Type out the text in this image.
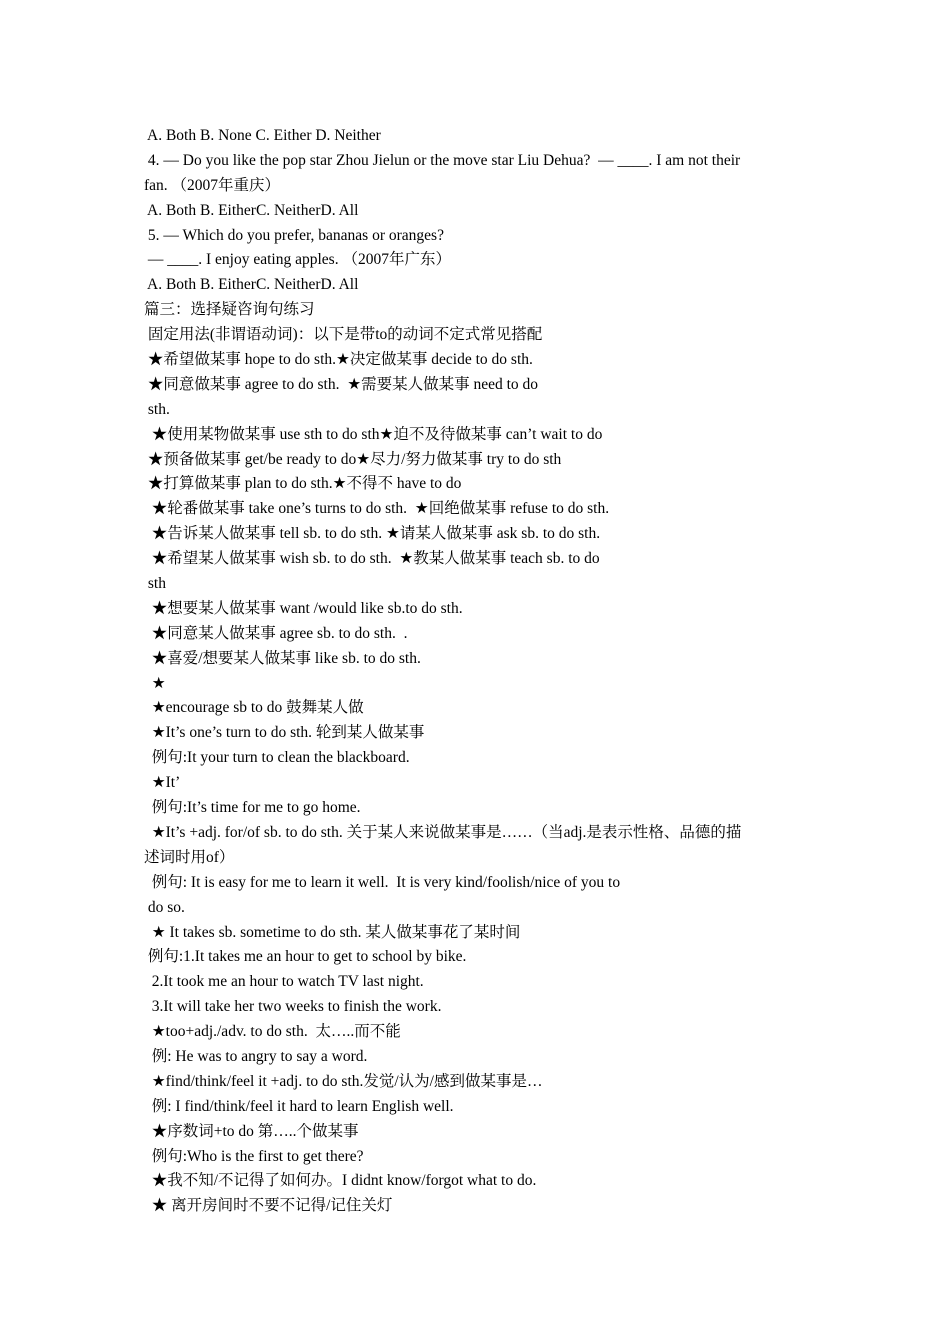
A. Both B. None C. Either D. Neither
4. — Do you like the pop star Zhou Jielun or the move star Liu Dehua?  — ____. I am not their
fan. （2007年重庆）
A. Both B. EitherC. NeitherD. All
5. — Which do you prefer, bananas or oranges?
— ____. I enjoy eating apples. （2007年广东）
A. Both B. EitherC. NeitherD. All
篇三：选择疑咨询句练习
固定用法(非谓语动词)：以下是带to的动词不定式常见搭配
★希望做某事 hope to do sth.★决定做某事 decide to do sth.
★同意做某事 agree to do sth.  ★需要某人做某事 need to do
sth.
★使用某物做某事 use sth to do sth★迫不及待做某事 can’t wait to do
★预备做某事 get/be ready to do★尽力/努力做某事 try to do sth
★打算做某事 plan to do sth.★不得不 have to do
★轮番做某事 take one’s turns to do sth.  ★回绝做某事 refuse to do sth.
★告诉某人做某事 tell sb. to do sth. ★请某人做某事 ask sb. to do sth.
★希望某人做某事 wish sb. to do sth.  ★教某人做某事 teach sb. to do
sth
★想要某人做某事 want /would like sb.to do sth.
★同意某人做某事 agree sb. to do sth.  .
★喜爱/想要某人做某事 like sb. to do sth.
★
★encourage sb to do 鼓舞某人做
★It’s one’s turn to do sth. 轮到某人做某事
例句:It your turn to clean the blackboard.
★It’
例句:It’s time for me to go home.
★It’s +adj. for/of sb. to do sth. 关于某人来说做某事是……（当adj.是表示性格、品德的描
述词时用of）
例句: It is easy for me to learn it well.  It is very kind/foolish/nice of you to
do so.
★ It takes sb. sometime to do sth. 某人做某事花了某时间
例句:1.It takes me an hour to get to school by bike.
2.It took me an hour to watch TV last night.
3.It will take her two weeks to finish the work.
★too+adj./adv. to do sth.  太…..而不能
例: He was to angry to say a word.
★find/think/feel it +adj. to do sth.发觉/认为/感到做某事是…
例: I find/think/feel it hard to learn English well.
★序数词+to do 第…..个做某事
例句:Who is the first to get there?
★我不知/不记得了如何办。I didnt know/forgot what to do.
★ 离开房间时不要不记得/记住关灯
